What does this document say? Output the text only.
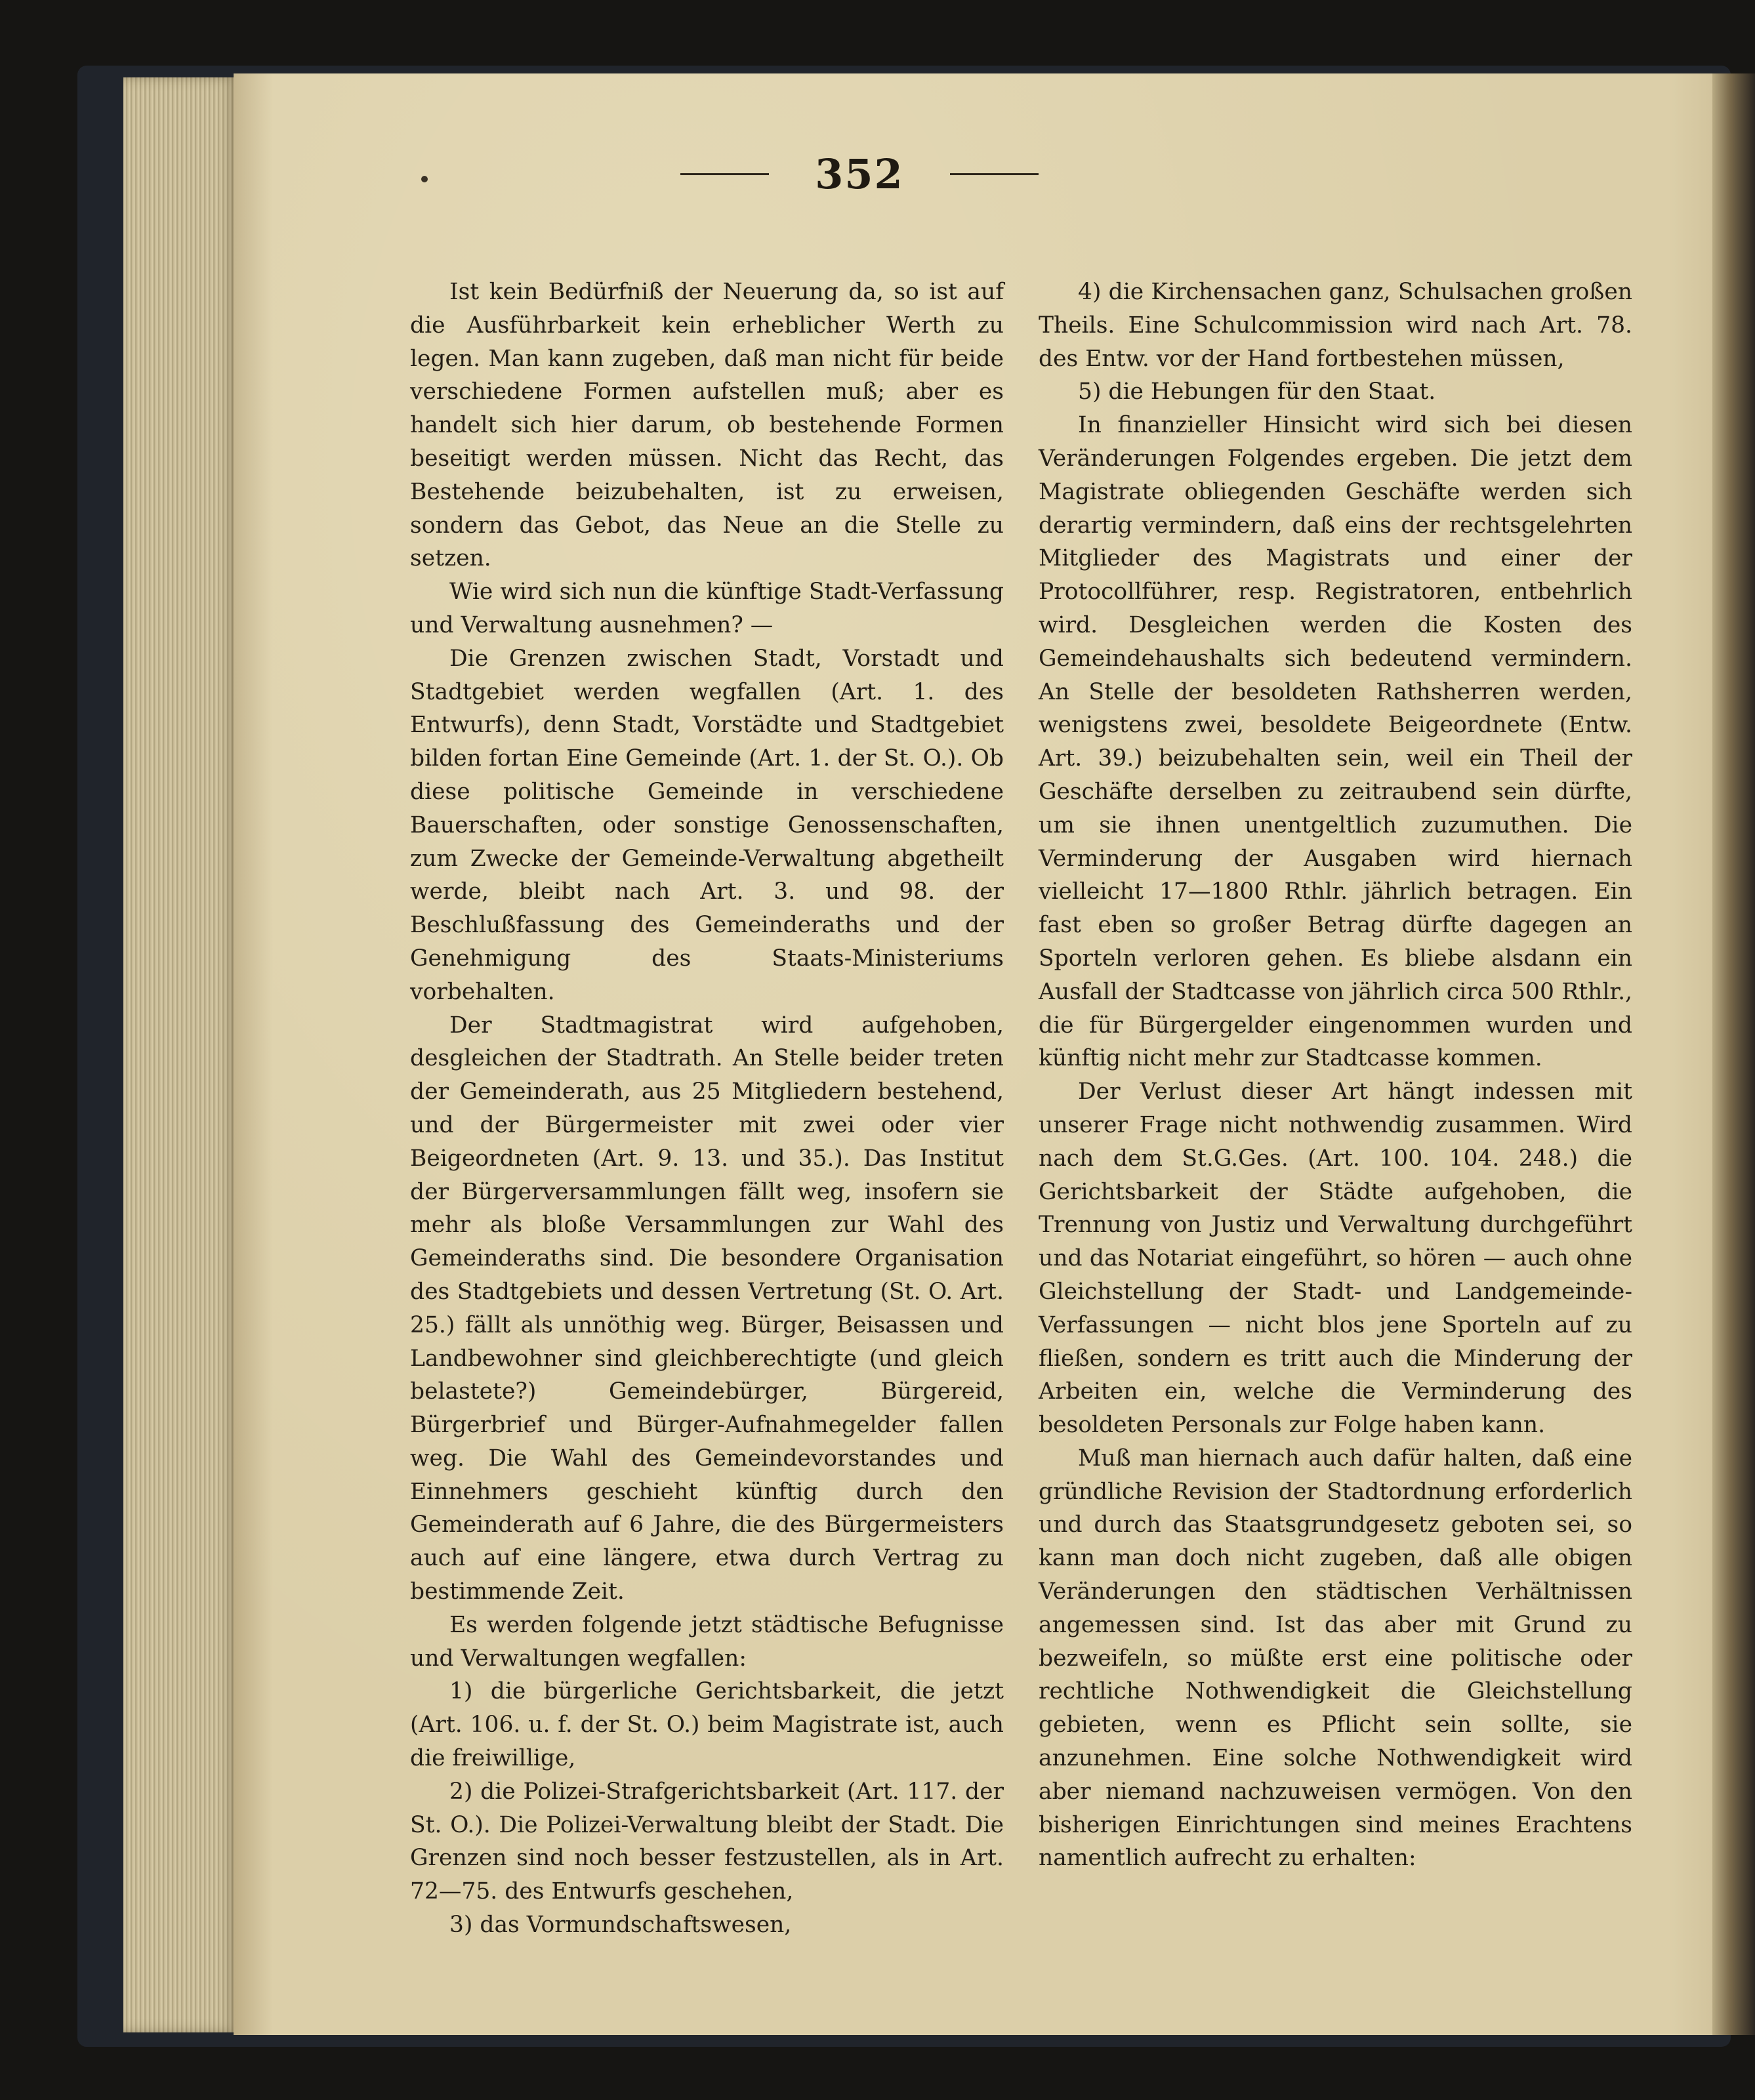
352

Ist kein Bedürfniß der Neuerung da, so ist auf die Ausführbarkeit kein erheblicher Werth zu legen. Man kann zugeben, daß man nicht für beide verschiedene Formen aufstellen muß; aber es handelt sich hier darum, ob bestehende Formen beseitigt werden müssen. Nicht das Recht, das Bestehende beizubehalten, ist zu erweisen, sondern das Gebot, das Neue an die Stelle zu setzen.

Wie wird sich nun die künftige Stadt-Verfassung und Verwaltung ausnehmen? —

Die Grenzen zwischen Stadt, Vorstadt und Stadtgebiet werden wegfallen (Art. 1. des Entwurfs), denn Stadt, Vorstädte und Stadtgebiet bilden fortan Eine Gemeinde (Art. 1. der St. O.). Ob diese politische Gemeinde in verschiedene Bauerschaften, oder sonstige Genossenschaften, zum Zwecke der Gemeinde-Verwaltung abgetheilt werde, bleibt nach Art. 3. und 98. der Beschlußfassung des Gemeinderaths und der Genehmigung des Staats-Ministeriums vorbehalten.

Der Stadtmagistrat wird aufgehoben, desgleichen der Stadtrath. An Stelle beider treten der Gemeinderath, aus 25 Mitgliedern bestehend, und der Bürgermeister mit zwei oder vier Beigeordneten (Art. 9. 13. und 35.). Das Institut der Bürgerversammlungen fällt weg, insofern sie mehr als bloße Versammlungen zur Wahl des Gemeinderaths sind. Die besondere Organisation des Stadtgebiets und dessen Vertretung (St. O. Art. 25.) fällt als unnöthig weg. Bürger, Beisassen und Landbewohner sind gleichberechtigte (und gleich belastete?) Gemeindebürger, Bürgereid, Bürgerbrief und Bürger-Aufnahmegelder fallen weg. Die Wahl des Gemeindevorstandes und Einnehmers geschieht künftig durch den Gemeinderath auf 6 Jahre, die des Bürgermeisters auch auf eine längere, etwa durch Vertrag zu bestimmende Zeit.

Es werden folgende jetzt städtische Befugnisse und Verwaltungen wegfallen:

1) die bürgerliche Gerichtsbarkeit, die jetzt (Art. 106. u. f. der St. O.) beim Magistrate ist, auch die freiwillige,

2) die Polizei-Strafgerichtsbarkeit (Art. 117. der St. O.). Die Polizei-Verwaltung bleibt der Stadt. Die Grenzen sind noch besser festzustellen, als in Art. 72—75. des Entwurfs geschehen,

3) das Vormundschaftswesen,

4) die Kirchensachen ganz, Schulsachen großen Theils. Eine Schulcommission wird nach Art. 78. des Entw. vor der Hand fortbestehen müssen,

5) die Hebungen für den Staat.

In finanzieller Hinsicht wird sich bei diesen Veränderungen Folgendes ergeben. Die jetzt dem Magistrate obliegenden Geschäfte werden sich derartig vermindern, daß eins der rechtsgelehrten Mitglieder des Magistrats und einer der Protocollführer, resp. Registratoren, entbehrlich wird. Desgleichen werden die Kosten des Gemeindehaushalts sich bedeutend vermindern. An Stelle der besoldeten Rathsherren werden, wenigstens zwei, besoldete Beigeordnete (Entw. Art. 39.) beizubehalten sein, weil ein Theil der Geschäfte derselben zu zeitraubend sein dürfte, um sie ihnen unentgeltlich zuzumuthen. Die Verminderung der Ausgaben wird hiernach vielleicht 17—1800 Rthlr. jährlich betragen. Ein fast eben so großer Betrag dürfte dagegen an Sporteln verloren gehen. Es bliebe alsdann ein Ausfall der Stadtcasse von jährlich circa 500 Rthlr., die für Bürgergelder eingenommen wurden und künftig nicht mehr zur Stadtcasse kommen.

Der Verlust dieser Art hängt indessen mit unserer Frage nicht nothwendig zusammen. Wird nach dem St.G.Ges. (Art. 100. 104. 248.) die Gerichtsbarkeit der Städte aufgehoben, die Trennung von Justiz und Verwaltung durchgeführt und das Notariat eingeführt, so hören — auch ohne Gleichstellung der Stadt- und Landgemeinde-Verfassungen — nicht blos jene Sporteln auf zu fließen, sondern es tritt auch die Minderung der Arbeiten ein, welche die Verminderung des besoldeten Personals zur Folge haben kann.

Muß man hiernach auch dafür halten, daß eine gründliche Revision der Stadtordnung erforderlich und durch das Staatsgrundgesetz geboten sei, so kann man doch nicht zugeben, daß alle obigen Veränderungen den städtischen Verhältnissen angemessen sind. Ist das aber mit Grund zu bezweifeln, so müßte erst eine politische oder rechtliche Nothwendigkeit die Gleichstellung gebieten, wenn es Pflicht sein sollte, sie anzunehmen. Eine solche Nothwendigkeit wird aber niemand nachzuweisen vermögen. Von den bisherigen Einrichtungen sind meines Erachtens namentlich aufrecht zu erhalten:
